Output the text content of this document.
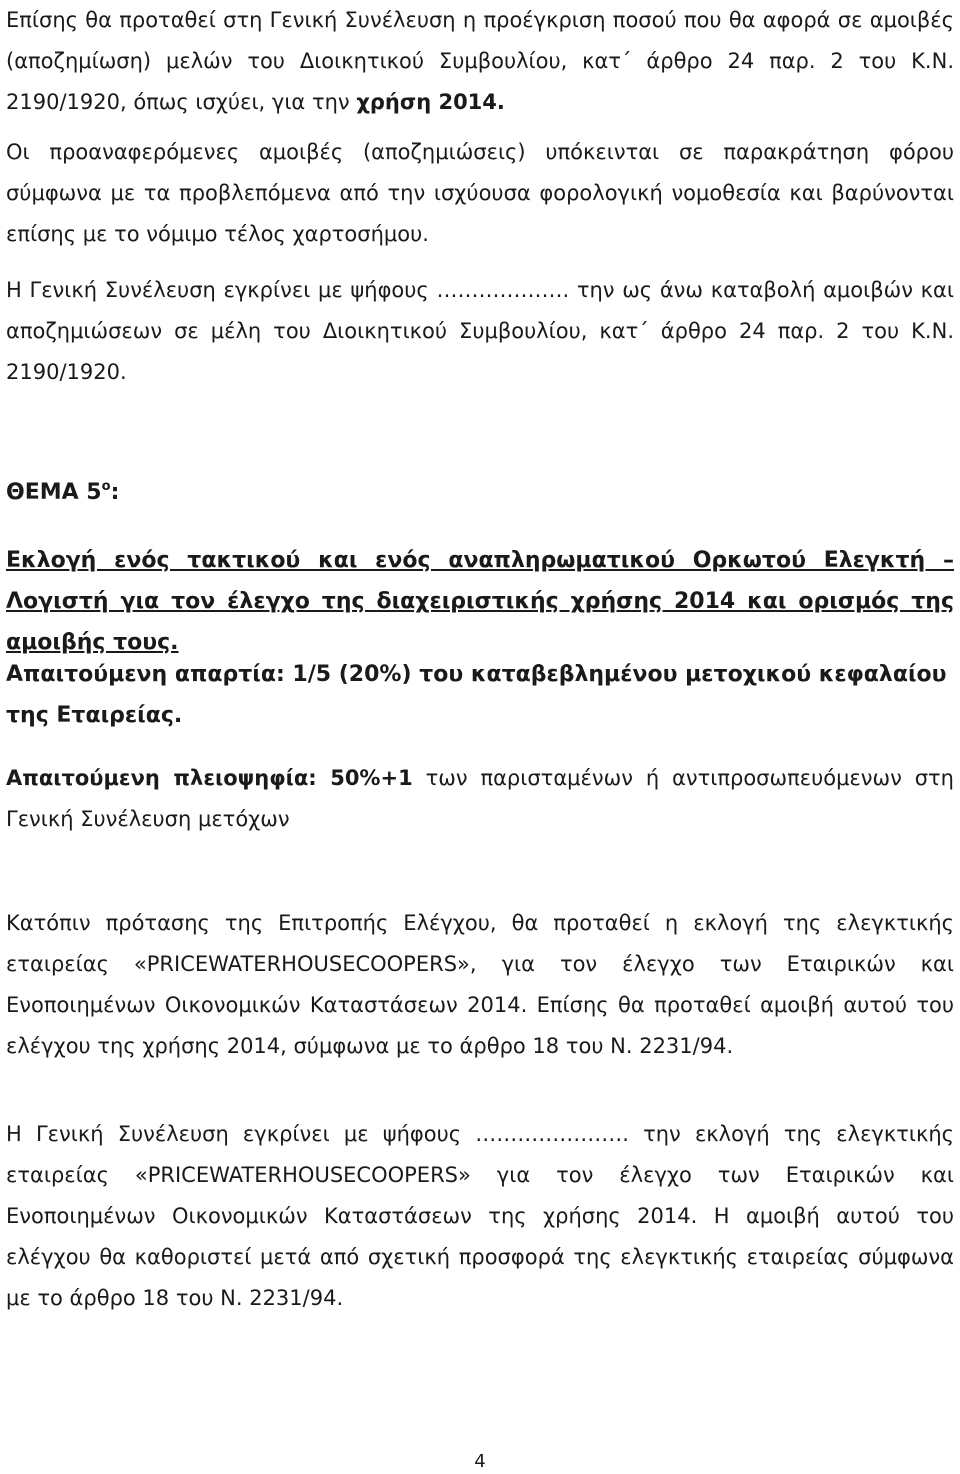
Επίσης θα προταθεί στη Γενική Συνέλευση η προέγκριση ποσού που θα αφορά σε αμοιβές (αποζημίωση) μελών του Διοικητικού Συμβουλίου, κατ΄ άρθρο 24 παρ. 2 του Κ.Ν. 2190/1920, όπως ισχύει, για την χρήση 2014.

Οι προαναφερόμενες αμοιβές (αποζημιώσεις) υπόκεινται σε παρακράτηση φόρου σύμφωνα με τα προβλεπόμενα από την ισχύουσα φορολογική νομοθεσία και βαρύνονται επίσης με το νόμιμο τέλος χαρτοσήμου.

Η Γενική Συνέλευση εγκρίνει με ψήφους ………………. την ως άνω καταβολή αμοιβών και αποζημιώσεων σε μέλη του Διοικητικού Συμβουλίου, κατ΄ άρθρο 24 παρ. 2 του Κ.Ν. 2190/1920.

ΘΕΜΑ $5^o$:

Εκλογή ενός τακτικού και ενός αναπληρωματικού Ορκωτού Ελεγκτή – Λογιστή για τον έλεγχο της διαχειριστικής χρήσης 2014 και ορισμός της αμοιβής τους.

Απαιτούμενη απαρτία: 1/5 (20%) του καταβεβλημένου μετοχικού κεφαλαίου της Εταιρείας.

Απαιτούμενη πλειοψηφία: 50%+1 των παρισταμένων ή αντιπροσωπευόμενων στη Γενική Συνέλευση μετόχων

Κατόπιν πρότασης της Επιτροπής Ελέγχου, θα προταθεί η εκλογή της ελεγκτικής εταιρείας «PRICEWATERHOUSECOOPERS», για τον έλεγχο των Εταιρικών και Ενοποιημένων Οικονομικών Καταστάσεων 2014. Επίσης θα προταθεί αμοιβή αυτού του ελέγχου της χρήσης 2014, σύμφωνα με το άρθρο 18 του Ν. 2231/94.

Η Γενική Συνέλευση εγκρίνει με ψήφους …………………. την εκλογή της ελεγκτικής εταιρείας «PRICEWATERHOUSECOOPERS» για τον έλεγχο των Εταιρικών και Ενοποιημένων Οικονομικών Καταστάσεων της χρήσης 2014. Η αμοιβή αυτού του ελέγχου θα καθοριστεί μετά από σχετική προσφορά της ελεγκτικής εταιρείας σύμφωνα με το άρθρο 18 του Ν. 2231/94.

4
